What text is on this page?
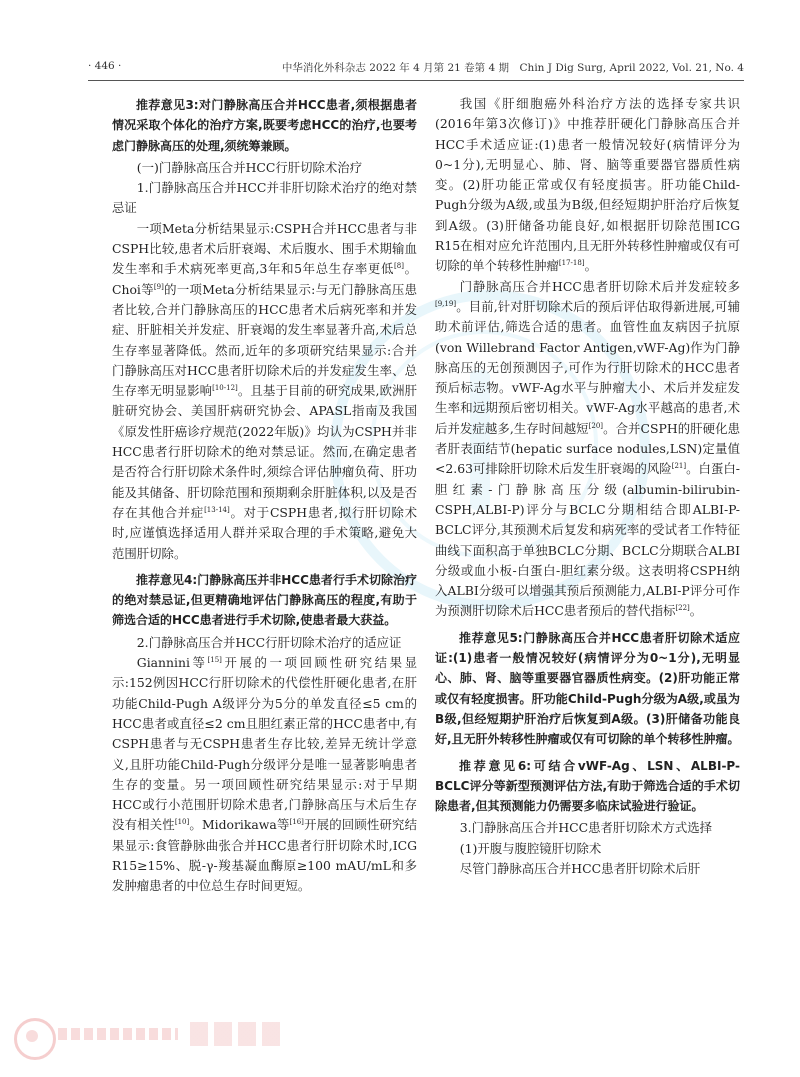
· 446 ·	中华消化外科杂志 2022 年 4 月第 21 卷第 4 期　Chin J Dig Surg, April 2022, Vol. 21, No. 4

推荐意见3:对门静脉高压合并HCC患者,须根据患者情况采取个体化的治疗方案,既要考虑HCC的治疗,也要考虑门静脉高压的处理,须统筹兼顾。

(一)门静脉高压合并HCC行肝切除术治疗

1.门静脉高压合并HCC并非肝切除术治疗的绝对禁忌证

一项Meta分析结果显示:CSPH合并HCC患者与非CSPH比较,患者术后肝衰竭、术后腹水、围手术期输血发生率和手术病死率更高,3年和5年总生存率更低[8]。Choi等[9]的一项Meta分析结果显示:与无门静脉高压患者比较,合并门静脉高压的HCC患者术后病死率和并发症、肝脏相关并发症、肝衰竭的发生率显著升高,术后总生存率显著降低。然而,近年的多项研究结果显示:合并门静脉高压对HCC患者肝切除术后的并发症发生率、总生存率无明显影响[10-12]。且基于目前的研究成果,欧洲肝脏研究协会、美国肝病研究协会、APASL指南及我国《原发性肝癌诊疗规范(2022年版)》均认为CSPH并非HCC患者行肝切除术的绝对禁忌证。然而,在确定患者是否符合行肝切除术条件时,须综合评估肿瘤负荷、肝功能及其储备、肝切除范围和预期剩余肝脏体积,以及是否存在其他合并症[13-14]。对于CSPH患者,拟行肝切除术时,应谨慎选择适用人群并采取合理的手术策略,避免大范围肝切除。

推荐意见4:门静脉高压并非HCC患者行手术切除治疗的绝对禁忌证,但更精确地评估门静脉高压的程度,有助于筛选合适的HCC患者进行手术切除,使患者最大获益。

2.门静脉高压合并HCC行肝切除术治疗的适应证

Giannini等[15]开展的一项回顾性研究结果显示:152例因HCC行肝切除术的代偿性肝硬化患者,在肝功能Child-Pugh A级评分为5分的单发直径≤5 cm的HCC患者或直径≤2 cm且胆红素正常的HCC患者中,有CSPH患者与无CSPH患者生存比较,差异无统计学意义,且肝功能Child-Pugh分级评分是唯一显著影响患者生存的变量。另一项回顾性研究结果显示:对于早期HCC或行小范围肝切除术患者,门静脉高压与术后生存没有相关性[10]。Midorikawa等[16]开展的回顾性研究结果显示:食管静脉曲张合并HCC患者行肝切除术时,ICG R15≥15%、脱-γ-羧基凝血酶原≥100 mAU/mL和多发肿瘤患者的中位总生存时间更短。

我国《肝细胞癌外科治疗方法的选择专家共识(2016年第3次修订)》中推荐肝硬化门静脉高压合并HCC手术适应证:(1)患者一般情况较好(病情评分为0~1分),无明显心、肺、肾、脑等重要器官器质性病变。(2)肝功能正常或仅有轻度损害。肝功能Child-Pugh分级为A级,或虽为B级,但经短期护肝治疗后恢复到A级。(3)肝储备功能良好,如根据肝切除范围ICG R15在相对应允许范围内,且无肝外转移性肿瘤或仅有可切除的单个转移性肿瘤[17-18]。

门静脉高压合并HCC患者肝切除术后并发症较多[9,19]。目前,针对肝切除术后的预后评估取得新进展,可辅助术前评估,筛选合适的患者。血管性血友病因子抗原(von Willebrand Factor Antigen,vWF-Ag)作为门静脉高压的无创预测因子,可作为行肝切除术的HCC患者预后标志物。vWF-Ag水平与肿瘤大小、术后并发症发生率和远期预后密切相关。vWF-Ag水平越高的患者,术后并发症越多,生存时间越短[20]。合并CSPH的肝硬化患者肝表面结节(hepatic surface nodules,LSN)定量值<2.63可排除肝切除术后发生肝衰竭的风险[21]。白蛋白-胆红素-门静脉高压分级(albumin-bilirubin-CSPH,ALBI-P)评分与BCLC分期相结合即ALBI-P-BCLC评分,其预测术后复发和病死率的受试者工作特征曲线下面积高于单独BCLC分期、BCLC分期联合ALBI分级或血小板-白蛋白-胆红素分级。这表明将CSPH纳入ALBI分级可以增强其预后预测能力,ALBI-P评分可作为预测肝切除术后HCC患者预后的替代指标[22]。

推荐意见5:门静脉高压合并HCC患者肝切除术适应证:(1)患者一般情况较好(病情评分为0~1分),无明显心、肺、肾、脑等重要器官器质性病变。(2)肝功能正常或仅有轻度损害。肝功能Child-Pugh分级为A级,或虽为B级,但经短期护肝治疗后恢复到A级。(3)肝储备功能良好,且无肝外转移性肿瘤或仅有可切除的单个转移性肿瘤。

推荐意见6:可结合vWF-Ag、LSN、ALBI-P-BCLC评分等新型预测评估方法,有助于筛选合适的手术切除患者,但其预测能力仍需要多临床试验进行验证。

3.门静脉高压合并HCC患者肝切除术方式选择

(1)开腹与腹腔镜肝切除术

尽管门静脉高压合并HCC患者肝切除术后肝
